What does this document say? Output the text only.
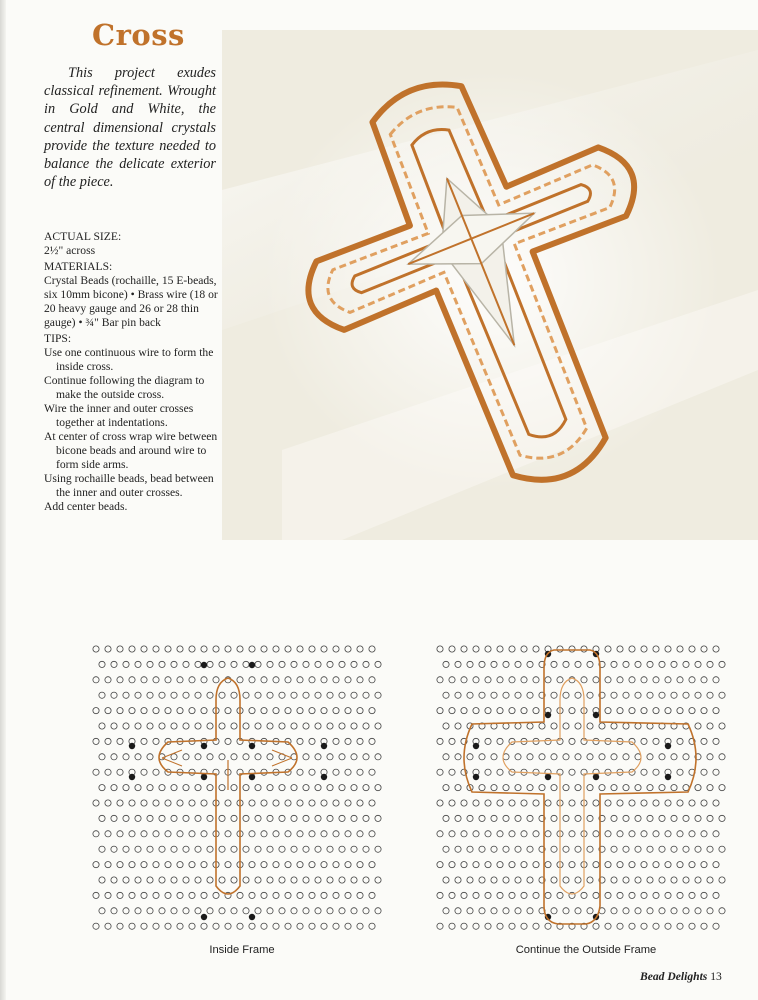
Cross
This project exudes classical refinement. Wrought in Gold and White, the central dimensional crystals provide the texture needed to balance the delicate exterior of the piece.

ACTUAL SIZE:

2½" across

MATERIALS:

Crystal Beads (rochaille, 15 E-beads, six 10mm bicone) • Brass wire (18 or 20 heavy gauge and 26 or 28 thin gauge) • ¾" Bar pin back

TIPS:

Use one continuous wire to form the inside cross.

Continue following the diagram to make the outside cross.

Wire the inner and outer crosses together at indentations.

At center of cross wrap wire between bicone beads and around wire to form side arms.

Using rochaille beads, bead between the inner and outer crosses.

Add center beads.

Inside Frame	Continue the Outside Frame
Bead Delights 13
